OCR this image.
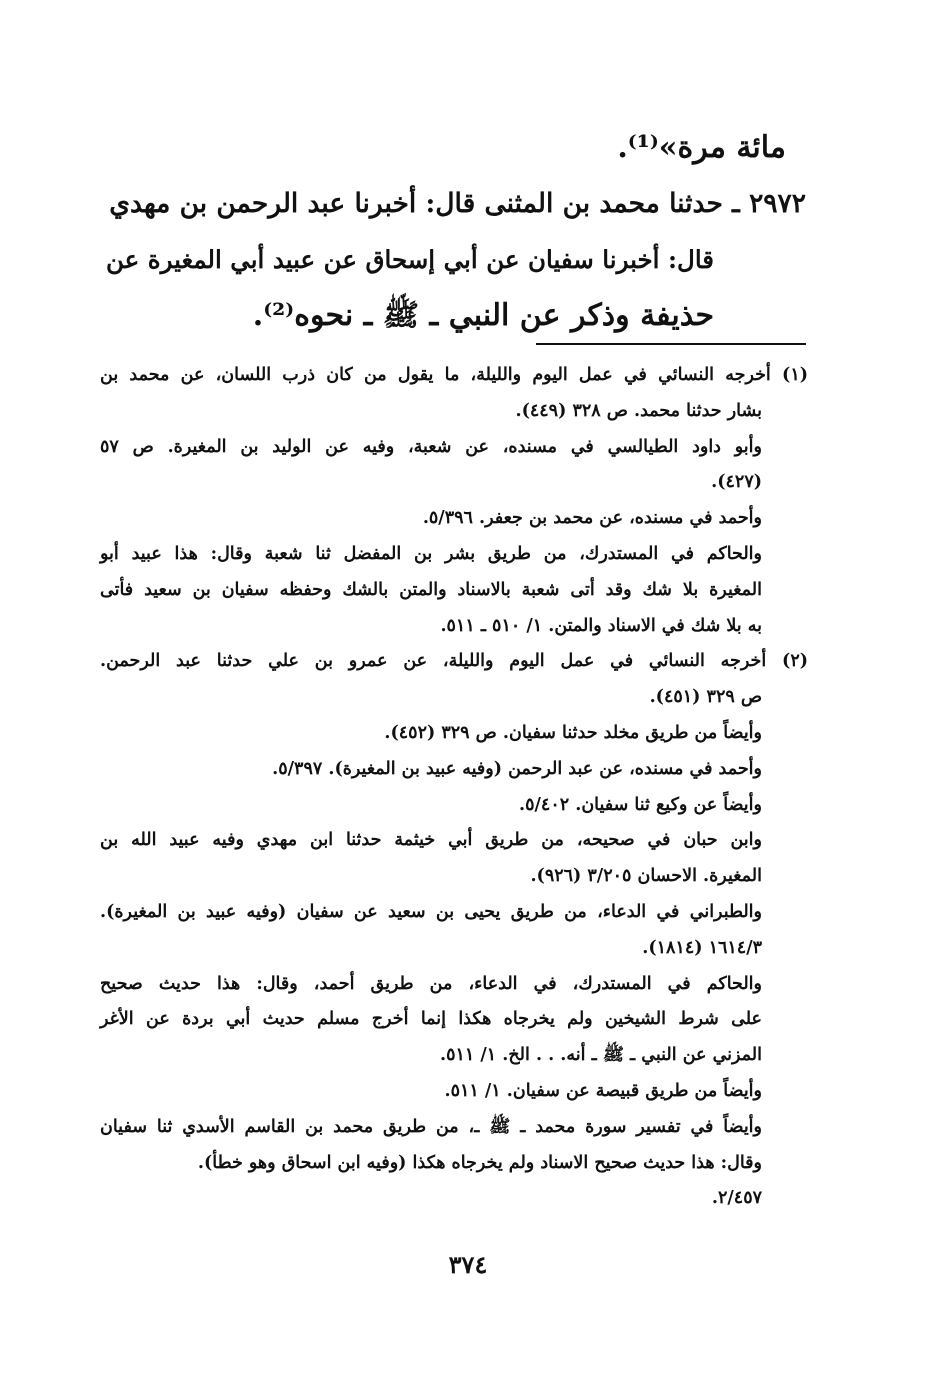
مائة مرة»⁽¹⁾.
٢٩٧٢ ـ حدثنا محمد بن المثنى قال: أخبرنا عبد الرحمن بن مهدي
قال: أخبرنا سفيان عن أبي إسحاق عن عبيد أبي المغيرة عن
حذيفة وذكر عن النبي ـ ﷺ ـ نحوه⁽²⁾.
(١) أخرجه النسائي في عمل اليوم والليلة، ما يقول من كان ذرب اللسان، عن محمد بن
بشار حدثنا محمد. ص ٣٢٨ (٤٤٩).
وأبو داود الطيالسي في مسنده، عن شعبة، وفيه عن الوليد بن المغيرة. ص ٥٧
(٤٢٧).
وأحمد في مسنده، عن محمد بن جعفر. ٥/٣٩٦.
والحاكم في المستدرك، من طريق بشر بن المفضل ثنا شعبة وقال: هذا عبيد أبو
المغيرة بلا شك وقد أتى شعبة بالاسناد والمتن بالشك وحفظه سفيان بن سعيد فأتى
به بلا شك في الاسناد والمتن. ١/ ٥١٠ ـ ٥١١.
(٢) أخرجه النسائي في عمل اليوم والليلة، عن عمرو بن علي حدثنا عبد الرحمن.
ص ٣٢٩ (٤٥١).
وأيضاً من طريق مخلد حدثنا سفيان. ص ٣٢٩ (٤٥٢).
وأحمد في مسنده، عن عبد الرحمن (وفيه عبيد بن المغيرة). ٥/٣٩٧.
وأيضاً عن وكيع ثنا سفيان. ٥/٤٠٢.
وابن حبان في صحيحه، من طريق أبي خيثمة حدثنا ابن مهدي وفيه عبيد الله بن
المغيرة. الاحسان ٣/٢٠٥ (٩٢٦).
والطبراني في الدعاء، من طريق يحيى بن سعيد عن سفيان (وفيه عبيد بن المغيرة).
١٦١٤/٣ (١٨١٤).
والحاكم في المستدرك، في الدعاء، من طريق أحمد، وقال: هذا حديث صحيح
على شرط الشيخين ولم يخرجاه هكذا إنما أخرج مسلم حديث أبي بردة عن الأغر
المزني عن النبي ـ ﷺ ـ أنه. . . الخ. ١/ ٥١١.
وأيضاً من طريق قبيصة عن سفيان. ١/ ٥١١.
وأيضاً في تفسير سورة محمد ـ ﷺ ـ، من طريق محمد بن القاسم الأسدي ثنا سفيان
وقال: هذا حديث صحيح الاسناد ولم يخرجاه هكذا (وفيه ابن اسحاق وهو خطأ).
٢/٤٥٧.
٣٧٤
